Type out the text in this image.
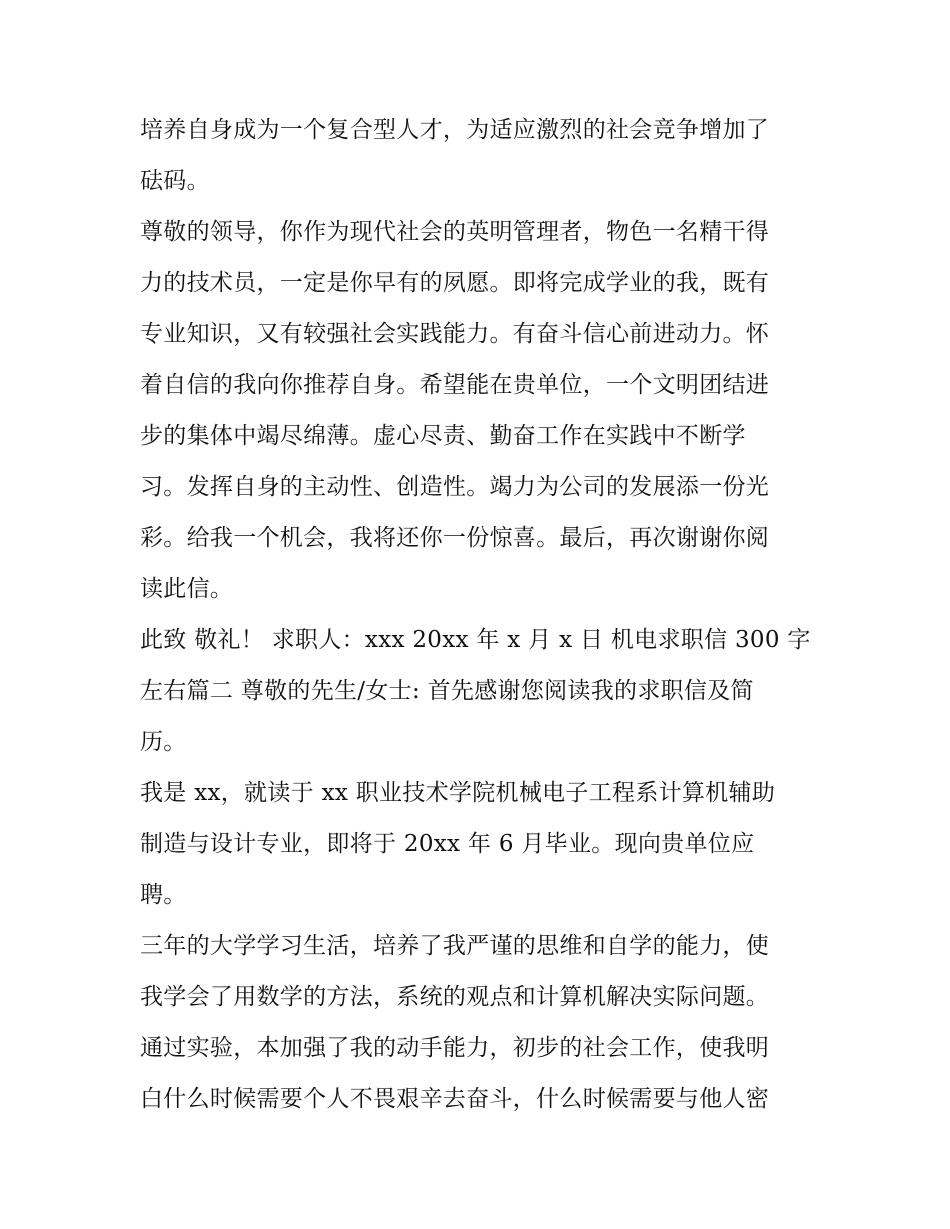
培养自身成为一个复合型人才，为适应激烈的社会竞争增加了
砝码。
尊敬的领导，你作为现代社会的英明管理者，物色一名精干得
力的技术员，一定是你早有的夙愿。即将完成学业的我，既有
专业知识，又有较强社会实践能力。有奋斗信心前进动力。怀
着自信的我向你推荐自身。希望能在贵单位，一个文明团结进
步的集体中竭尽绵薄。虚心尽责、勤奋工作在实践中不断学
习。发挥自身的主动性、创造性。竭力为公司的发展添一份光
彩。给我一个机会，我将还你一份惊喜。最后，再次谢谢你阅
读此信。
此致 敬礼！ 求职人：xxx 20xx 年 x 月 x 日 机电求职信 300 字
左右篇二 尊敬的先生/女士: 首先感谢您阅读我的求职信及简
历。
我是 xx，就读于 xx 职业技术学院机械电子工程系计算机辅助
制造与设计专业，即将于 20xx 年 6 月毕业。现向贵单位应
聘。
三年的大学学习生活，培养了我严谨的思维和自学的能力，使
我学会了用数学的方法，系统的观点和计算机解决实际问题。
通过实验，本加强了我的动手能力，初步的社会工作，使我明
白什么时候需要个人不畏艰辛去奋斗，什么时候需要与他人密
